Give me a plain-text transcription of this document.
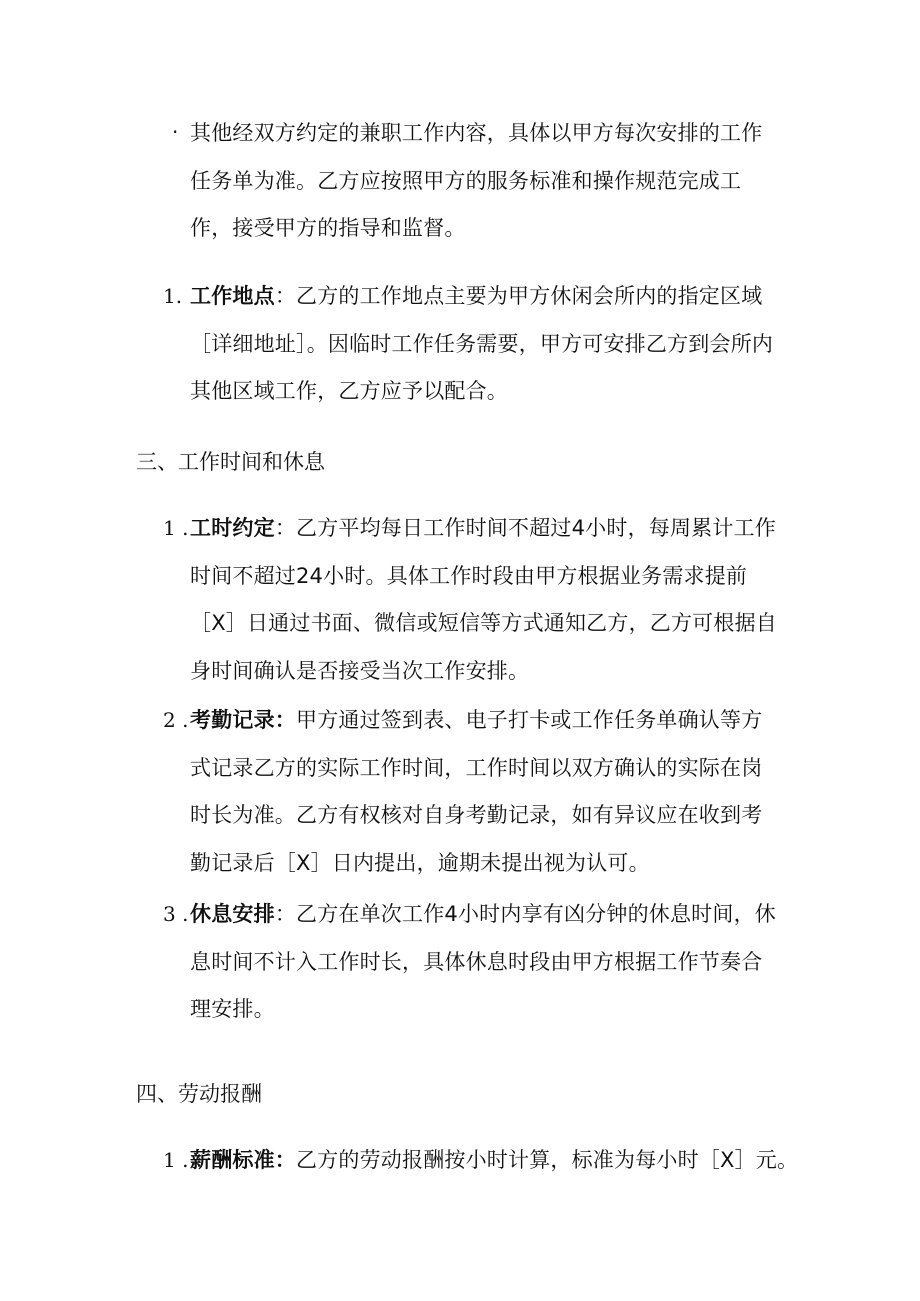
· 其他经双方约定的兼职工作内容，具体以甲方每次安排的工作任务单为准。乙方应按照甲方的服务标准和操作规范完成工作，接受甲方的指导和监督。
1. 工作地点：乙方的工作地点主要为甲方休闲会所内的指定区域［详细地址］。因临时工作任务需要，甲方可安排乙方到会所内其他区域工作，乙方应予以配合。
三、工作时间和休息
1 . 工时约定：乙方平均每日工作时间不超过4小时，每周累计工作时间不超过24小时。具体工作时段由甲方根据业务需求提前［X］日通过书面、微信或短信等方式通知乙方，乙方可根据自身时间确认是否接受当次工作安排。
2 . 考勤记录：甲方通过签到表、电子打卡或工作任务单确认等方式记录乙方的实际工作时间，工作时间以双方确认的实际在岗时长为准。乙方有权核对自身考勤记录，如有异议应在收到考勤记录后［X］日内提出，逾期未提出视为认可。
3 . 休息安排：乙方在单次工作4小时内享有凶分钟的休息时间，休息时间不计入工作时长，具体休息时段由甲方根据工作节奏合理安排。
四、劳动报酬
1 . 薪酬标准：乙方的劳动报酬按小时计算，标准为每小时［X］元。
